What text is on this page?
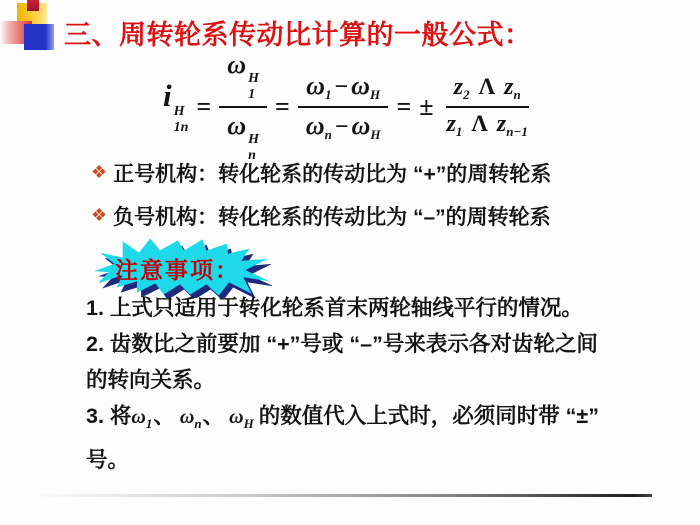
三、周转轮系传动比计算的一般公式：
i H
1n
= ω H
1
ω H
$n = \frac{\omega_1 - \omega_H}{\omega_n - \omega_H}$ = ± $\frac{z_2 \Lambda z_n}{z_1 \Lambda z_{n-1}}$
❖ 正号机构：转化轮系的传动比为 “+”的周转轮系
❖ 负号机构：转化轮系的传动比为 “–”的周转轮系
注意事项：
1. 上式只适用于转化轮系首末两轮轴线平行的情况。
2. 齿数比之前要加 “+”号或 “–”号来表示各对齿轮之间
的转向关系。
3. 将$\omega_1$、 $\omega_n$、 $\omega_H$ 的数值代入上式时，必须同时带 “±”
号。
